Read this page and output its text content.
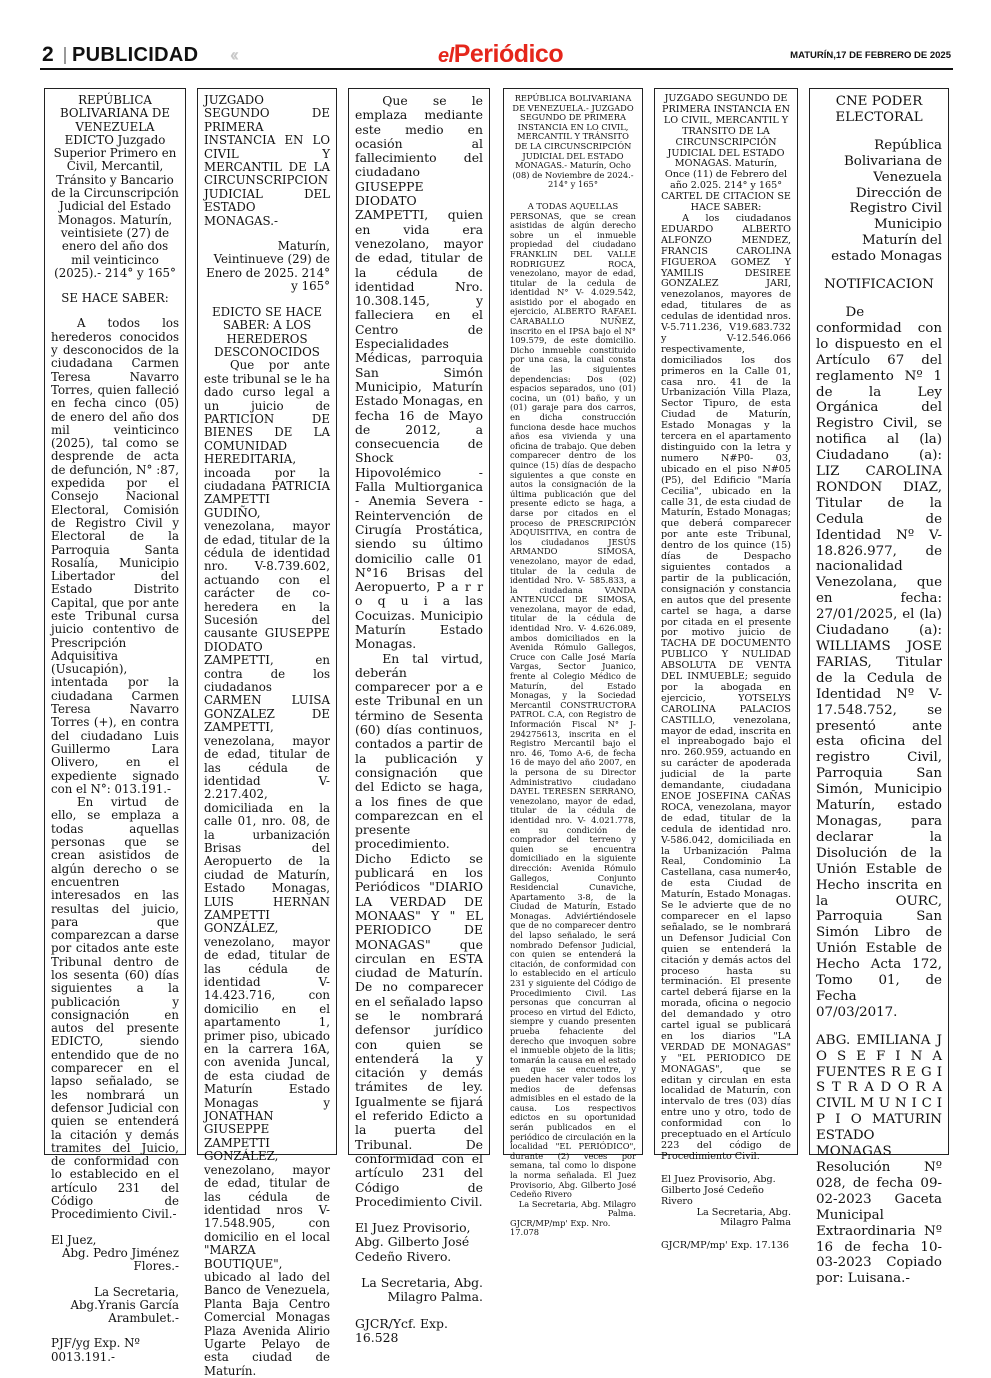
2 PUBLICIDAD ‹‹	elPeriódico	MATURÍN,17 DE FEBRERO DE 2025

REPÚBLICA BOLIVARIANA DE VENEZUELA EDICTO Juzgado Superior Primero en Civil, Mercantil, Tránsito y Bancario de la Circunscripción Judicial del Estado Monagos. Maturín, veintisiete (27) de enero del año dos mil veinticinco (2025).- 214° y 165°

SE HACE SABER:

A todos los herederos conocidos y desconocidos de la ciudadana Carmen Teresa Navarro Torres, quien falleció en fecha cinco (05) de enero del año dos mil veinticinco (2025), tal como se desprende de acta de defunción, N° :87, expedida por el Consejo Nacional Electoral, Comisión de Registro Civil y Electoral de la Parroquia Santa Rosalía, Municipio Libertador del Estado Distrito Capital, que por ante este Tribunal cursa juicio contentivo de Prescripción Adquisitiva (Usucapión), intentada por la ciudadana Carmen Teresa Navarro Torres (+), en contra del ciudadano Luis Guillermo Lara Olivero, en el expediente signado con el N°: 013.191.-

En virtud de ello, se emplaza a todas aquellas personas que se crean asistidos de algún derecho o se encuentren interesados en las resultas del juicio, para que comparezcan a darse por citados ante este Tribunal dentro de los sesenta (60) días siguientes a la publicación y consignación en autos del presente EDICTO, siendo entendido que de no comparecer en el lapso señalado, se les nombrará un defensor Judicial con quien se entenderá la citación y demás tramites del Juicio, de conformidad con lo establecido en el artículo 231 del Código de Procedimiento Civil.-

El Juez,

Abg. Pedro Jiménez Flores.-

La Secretaria, Abg.Yranis García Arambulet.-

PJF/yg Exp. Nº 0013.191.-

JUZGADO SEGUNDO DE PRIMERA INSTANCIA EN LO CIVIL Y MERCANTIL DE LA CIRCUNSCRIPCION JUDICIAL DEL ESTADO MONAGAS.-

Maturín, Veintinueve (29) de Enero de 2025. 214° y 165°

EDICTO SE HACE SABER: A LOS HEREDEROS DESCONOCIDOS

Que por ante este tribunal se le ha dado curso legal a un juicio de PARTICION DE BIENES DE LA COMUNIDAD HEREDITARIA, incoada por la ciudadana PATRICIA ZAMPETTI GUDIÑO, venezolana, mayor de edad, titular de la cédula de identidad nro. V-8.739.602, actuando con el carácter de co-heredera en la Sucesión del causante GIUSEPPE DIODATO ZAMPETTI, en contra de los ciudadanos CARMEN LUISA GONZALEZ DE ZAMPETTI, venezolana, mayor de edad, titular de las cédula de identidad V-2.217.402, domiciliada en la calle 01, nro. 08, de la urbanización Brisas del Aeropuerto de la ciudad de Maturín, Estado Monagas, LUIS HERNAN ZAMPETTI GONZÁLEZ, venezolano, mayor de edad, titular de las cédula de identidad V-14.423.716, con domicilio en el apartamento 1, primer piso, ubicado en la carrera 16A, con avenida Juncal, de esta ciudad de Maturín Estado Monagas y JONATHAN GIUSEPPE ZAMPETTI GONZÁLEZ, venezolano, mayor de edad, titular de las cédula de identidad nros V-17.548.905, con domicilio en el local "MARZA BOUTIQUE", ubicado al lado del Banco de Venezuela, Planta Baja Centro Comercial Monagas Plaza Avenida Alirio Ugarte Pelayo de esta ciudad de Maturín.

Que se le emplaza mediante este medio en ocasión al fallecimiento del ciudadano GIUSEPPE DIODATO ZAMPETTI, quien en vida era venezolano, mayor de edad, titular de la cédula de identidad Nro. 10.308.145, y falleciera en el Centro de Especialidades Médicas, parroquia San Simón Municipio, Maturín Estado Monagas, en fecha 16 de Mayo de 2012, a consecuencia de Shock Hipovolémico - Falla Multiorganica - Anemia Severa - Reintervención de Cirugía Prostática, siendo su último domicilio calle 01 N°16 Brisas del Aeropuerto, P a r r o q u i a las Cocuizas. Municipio Maturín Estado Monagas.

En tal virtud, deberán comparecer por a e este Tribunal en un término de Sesenta (60) días continuos, contados a partir de la publicación y consignación que del Edicto se haga, a los fines de que comparezcan en el presente procedimiento. Dicho Edicto se publicará en los Periódicos "DIARIO LA VERDAD DE MONAAS" Y " EL PERIODICO DE MONAGAS" que circulan en ESTA ciudad de Maturín. De no comparecer en el señalado lapso se le nombrará defensor jurídico con quien se entenderá la y citación y demás trámites de ley. Igualmente se fijará el referido Edicto a la puerta del Tribunal. De conformidad con el artículo 231 del Código de Procedimiento Civil.

El Juez Provisorio, Abg. Gilberto José Cedeño Rivero.

La Secretaria, Abg. Milagro Palma.

GJCR/Ycf. Exp. 16.528

REPÚBLICA BOLIVARIANA DE VENEZUELA.- JUZGADO SEGUNDO DE PRIMERA INSTANCIA EN LO CIVIL, MERCANTIL Y TRÁNSITO DE LA CIRCUNSCRIPCIÓN JUDICIAL DEL ESTADO MONAGAS.- Maturín, Ocho (08) de Noviembre de 2024.- 214° y 165°

A TODAS AQUELLAS

PERSONAS, que se crean asistidas de algún derecho sobre un el inmueble propiedad del ciudadano FRANKLIN DEL VALLE RODRIGUEZ ROCA, venezolano, mayor de edad, titular de la cedula de identidad N° V- 4.029.542, asistido por el abogado en ejercicio, ALBERTO RAFAEL CARABALLO NUÑEZ, inscrito en el IPSA bajo el N° 109.579, de este domicilio. Dicho inmueble constituido por una casa, la cual consta de las siguientes dependencias: Dos (02) espacios separados, uno (01) cocina, un (01) baño, y un (01) garaje para dos carros, en dicha construcción funciona desde hace muchos años esa vivienda y una oficina de trabajo. Que deben comparecer dentro de los quince (15) días de despacho siguientes a que conste en autos la consignación de la última publicación que del presente edicto se haga, a darse por citados en el proceso de PRESCRIPCIÓN ADQUISITIVA, en contra de los ciudadanos JESÚS ARMANDO SIMOSA, venezolano, mayor de edad, titular de la cedula de identidad Nro. V- 585.833, a la ciudadana VANDA ANTENUCCI DE SIMOSA, venezolana, mayor de edad, titular de la cédula de identidad Nro. V- 4.626.089, ambos domiciliados en la Avenida Rómulo Gallegos, Cruce con Calle José María Vargas, Sector Juanico, frente al Colegio Médico de Maturín, del Estado Monagas, y la Sociedad Mercantil CONSTRUCTORA PATROL C.A, con Registro de Información Fiscal N° J-294275613, inscrita en el Registro Mercantil bajo el nro. 46, Tomo A-6, de fecha 16 de mayo del año 2007, en la persona de su Director Administrativo ciudadano DAYEL TERESEN SERRANO, venezolano, mayor de edad, titular de la cédula de identidad nro. V- 4.021.778, en su condición de comprador del terreno y quien se encuentra domiciliado en la siguiente dirección: Avenida Rómulo Gallegos, Conjunto Residencial Cunaviche, Apartamento 3-8, de la Ciudad de Maturín, Estado Monagas. Adviértiéndosele que de no comparecer dentro del lapso señalado, le será nombrado Defensor Judicial, con quien se entenderá la citación, de conformidad con lo establecido en el artículo 231 y siguiente del Código de Procedimiento Civil. Las personas que concurran al proceso en virtud del Edicto, siempre y cuando presenten prueba fehaciente del derecho que invoquen sobre el inmueble objeto de la litis; tomarán la causa en el estado en que se encuentre, y pueden hacer valer todos los medios de defensas admisibles en el estado de la causa. Los respectivos edictos en su oportunidad serán publicados en el periódico de circulación en la localidad "EL PERIÓDICO", durante (2) veces por semana, tal como lo dispone la norma señalada. El Juez Provisorio, Abg. Gilberto José Cedeño Rivero

La Secretaria, Abg. Milagro Palma.

GJCR/MP/mp' Exp. Nro. 17.078

JUZGADO SEGUNDO DE PRIMERA INSTANCIA EN LO CIVIL, MERCANTIL Y TRANSITO DE LA CIRCUNSCRIPCIÓN JUDICIAL DEL ESTADO MONAGAS. Maturín, Once (11) de Febrero del año 2.025. 214° y 165° CARTEL DE CITACION SE HACE SABER:

A los ciudadanos EDUARDO ALBERTO ALFONZO MENDEZ, FRANCIS CAROLINA FIGUEROA GOMEZ Y YAMILIS DESIREE GONZALEZ JARI, venezolanos, mayores de edad, titulares de as cedulas de identidad nros. V-5.711.236, V19.683.732 y V-12.546.066 respectivamente, domiciliados los dos primeros en la Calle 01, casa nro. 41 de la Urbanización Villa Plaza, Sector Tipuro, de esta Ciudad de Maturín, Estado Monagas y la tercera en el apartamento distinguido con la letra y numero N#P0- 03, ubicado en el piso N#05 (P5), del Edificio "María Cecilia", ubicado en la calle 31, de esta ciudad de Maturín, Estado Monagas; que deberá comparecer por ante este Tribunal, dentro de los quince (15) días de Despacho siguientes contados a partir de la publicación, consignación y constancia en autos que del presente cartel se haga, a darse por citada en el presente por motivo juicio de TACHA DE DOCUMENTO PUBLICO Y NULIDAD ABSOLUTA DE VENTA DEL INMUEBLE; seguido por la abogada en ejercicio, YOTSELYS CAROLINA PALACIOS CASTILLO, venezolana, mayor de edad, inscrita en el inpreabogado bajo el nro. 260.959, actuando en su carácter de apoderada judicial de la parte demandante, ciudadana ENOE JOSEFINA CAÑAS ROCA, venezolana, mayor de edad, titular de la cedula de identidad nro. V-586.042, domiciliada en la Urbanización Palma Real, Condominio La Castellana, casa numer4o, de esta Ciudad de Maturín, Estado Monagas. Se le advierte que de no comparecer en el lapso señalado, se le nombrará un Defensor Judicial Con quien se entenderá la citación y demás actos del proceso hasta su terminación. El presente cartel deberá fijarse en la morada, oficina o negocio del demandado y otro cartel igual se publicará en los diarios "LA VERDAD DE MONAGAS" y "EL PERIODICO DE MONAGAS", que se editan y circulan en esta localidad de Maturín, con intervalo de tres (03) días entre uno y otro, todo de conformidad con lo preceptuado en el Artículo 223 del código de Procedimiento Civil.

El Juez Provisorio, Abg. Gilberto José Cedeño Rivero

La Secretaria, Abg. Milagro Palma

GJCR/MP/mp' Exp. 17.136

CNE PODER ELECTORAL

República Bolivariana de Venezuela Dirección de Registro Civil Municipio Maturín del estado Monagas

NOTIFICACION

De conformidad con lo dispuesto en el Artículo 67 del reglamento Nº 1 de la Ley Orgánica del Registro Civil, se notifica al (la) Ciudadano (a): LIZ CAROLINA RONDON DIAZ, Titular de la Cedula de Identidad Nº V-18.826.977, de nacionalidad Venezolana, que en fecha: 27/01/2025, el (la) Ciudadano (a): WILLIAMS JOSE FARIAS, Titular de la Cedula de Identidad Nº V-17.548.752, se presentó ante esta oficina del registro Civil, Parroquia San Simón, Municipio Maturín, estado Monagas, para declarar la Disolución de la Unión Estable de Hecho inscrita en la OURC, Parroquia San Simón Libro de Unión Estable de Hecho Acta 172, Tomo 01, de Fecha 07/03/2017.

ABG. EMILIANA J O S E F I N A FUENTES R E G I S T R A D O R A CIVIL M U N I C I P I O MATURIN ESTADO MONAGAS Resolución Nº 028, de fecha 09-02-2023 Gaceta Municipal Extraordinaria Nº 16 de fecha 10-03-2023 Copiado por: Luisana.-
